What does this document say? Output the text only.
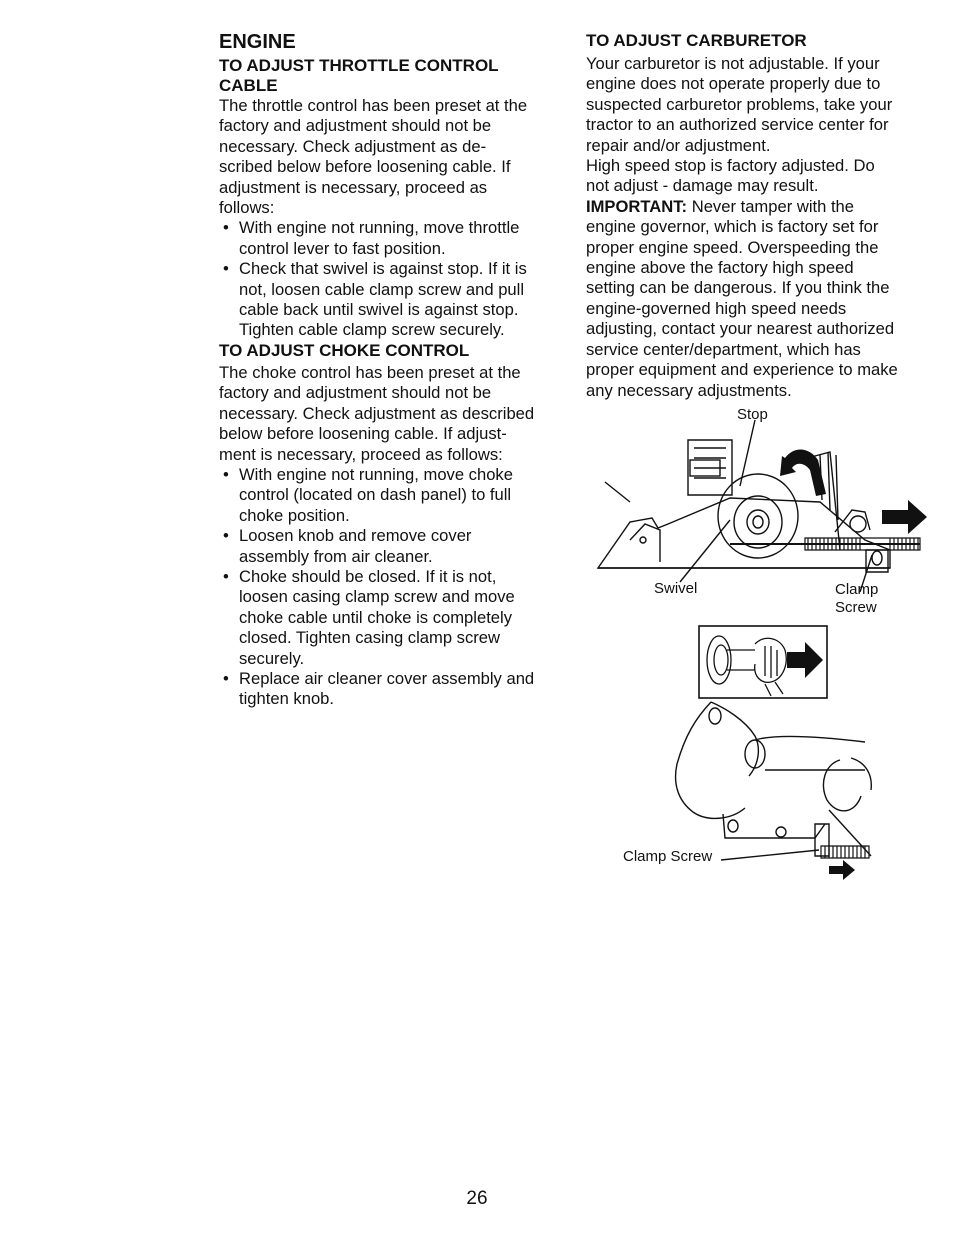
ENGINE
TO ADJUST THROTTLE CONTROL
CABLE

The throttle control has been preset at the

factory and adjustment should not be

necessary. Check adjustment as de-

scribed below before loosening cable. If

adjustment is necessary, proceed as

follows:

• With engine not running, move throttle
control lever to fast position.
• Check that swivel is against stop. If it is
not, loosen cable clamp screw and pull
cable back until swivel is against stop.
Tighten cable clamp screw securely.
TO ADJUST CHOKE CONTROL

The choke control has been preset at the

factory and adjustment should not be

necessary. Check adjustment as described

below before loosening cable. If adjust-

ment is necessary, proceed as follows:

• With engine not running, move choke
control (located on dash panel) to full
choke position.
• Loosen knob and remove cover
assembly from air cleaner.
• Choke should be closed. If it is not,
loosen casing clamp screw and move
choke cable until choke is completely
closed. Tighten casing clamp screw
securely.
• Replace air cleaner cover assembly and
tighten knob.
TO ADJUST CARBURETOR

Your carburetor is not adjustable. If your

engine does not operate properly due to

suspected carburetor problems, take your

tractor to an authorized service center for

repair and/or adjustment.

High speed stop is factory adjusted. Do

not adjust - damage may result.

IMPORTANT: Never tamper with the

engine governor, which is factory set for

proper engine speed. Overspeeding the

engine above the factory high speed

setting can be dangerous. If you think the

engine-governed high speed needs

adjusting, contact your nearest authorized

service center/department, which has

proper equipment and experience to make

any necessary adjustments.

Stop
Swivel	Clamp
Screw
Clamp Screw
26
